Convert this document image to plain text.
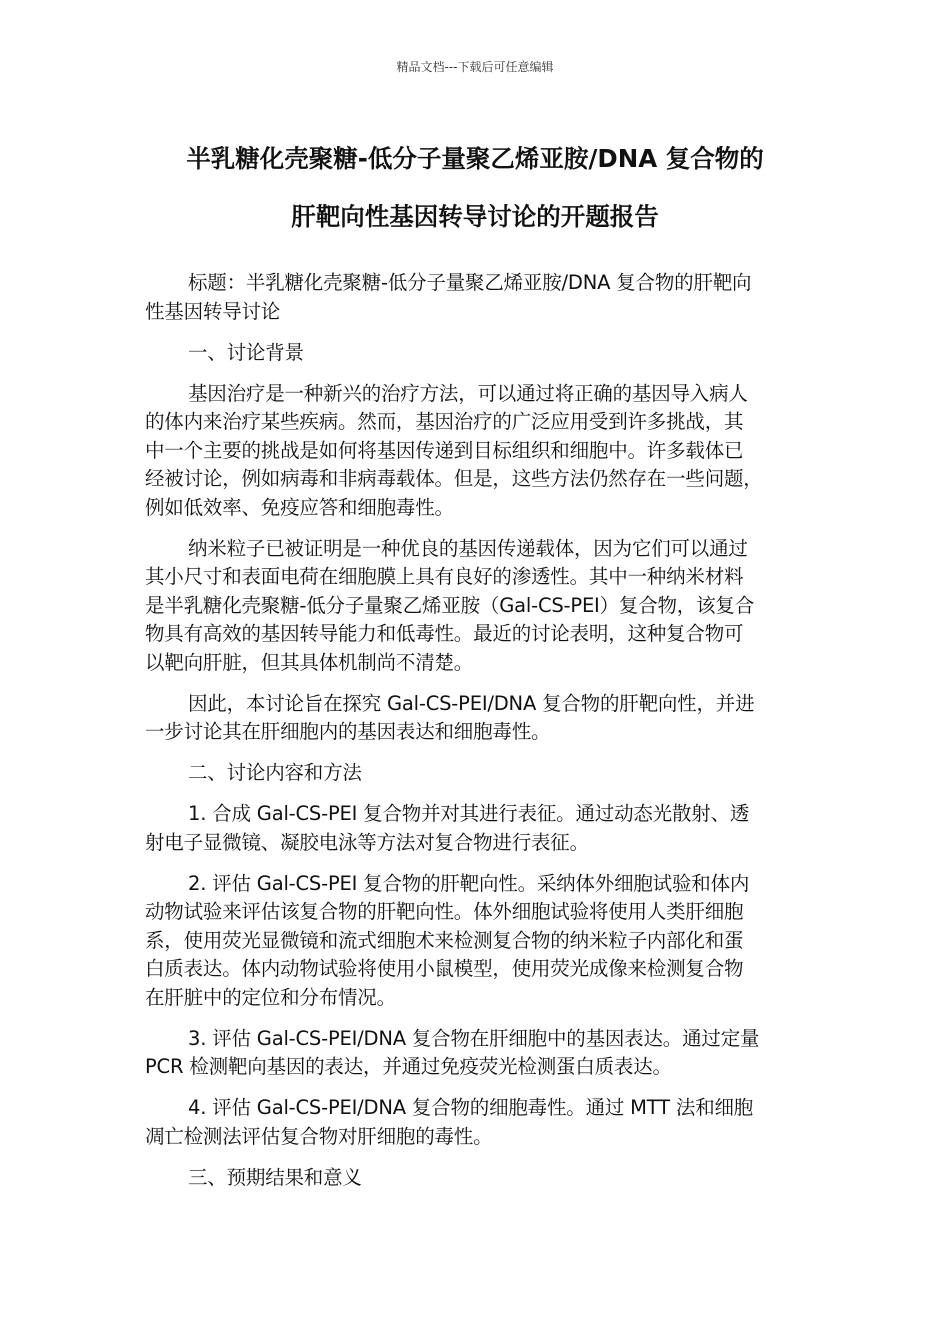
精品文档---下载后可任意编辑
半乳糖化壳聚糖-低分子量聚乙烯亚胺/DNA 复合物的
肝靶向性基因转导讨论的开题报告

标题：半乳糖化壳聚糖-低分子量聚乙烯亚胺/DNA 复合物的肝靶向
性基因转导讨论

一、讨论背景

基因治疗是一种新兴的治疗方法，可以通过将正确的基因导入病人
的体内来治疗某些疾病。然而，基因治疗的广泛应用受到许多挑战，其
中一个主要的挑战是如何将基因传递到目标组织和细胞中。许多载体已
经被讨论，例如病毒和非病毒载体。但是，这些方法仍然存在一些问题，
例如低效率、免疫应答和细胞毒性。

纳米粒子已被证明是一种优良的基因传递载体，因为它们可以通过
其小尺寸和表面电荷在细胞膜上具有良好的渗透性。其中一种纳米材料
是半乳糖化壳聚糖-低分子量聚乙烯亚胺（Gal-CS-PEI）复合物，该复合
物具有高效的基因转导能力和低毒性。最近的讨论表明，这种复合物可
以靶向肝脏，但其具体机制尚不清楚。

因此，本讨论旨在探究 Gal-CS-PEI/DNA 复合物的肝靶向性，并进
一步讨论其在肝细胞内的基因表达和细胞毒性。

二、讨论内容和方法

1. 合成 Gal-CS-PEI 复合物并对其进行表征。通过动态光散射、透
射电子显微镜、凝胶电泳等方法对复合物进行表征。

2. 评估 Gal-CS-PEI 复合物的肝靶向性。采纳体外细胞试验和体内
动物试验来评估该复合物的肝靶向性。体外细胞试验将使用人类肝细胞
系，使用荧光显微镜和流式细胞术来检测复合物的纳米粒子内部化和蛋
白质表达。体内动物试验将使用小鼠模型，使用荧光成像来检测复合物
在肝脏中的定位和分布情况。

3. 评估 Gal-CS-PEI/DNA 复合物在肝细胞中的基因表达。通过定量
PCR 检测靶向基因的表达，并通过免疫荧光检测蛋白质表达。

4. 评估 Gal-CS-PEI/DNA 复合物的细胞毒性。通过 MTT 法和细胞
凋亡检测法评估复合物对肝细胞的毒性。

三、预期结果和意义
